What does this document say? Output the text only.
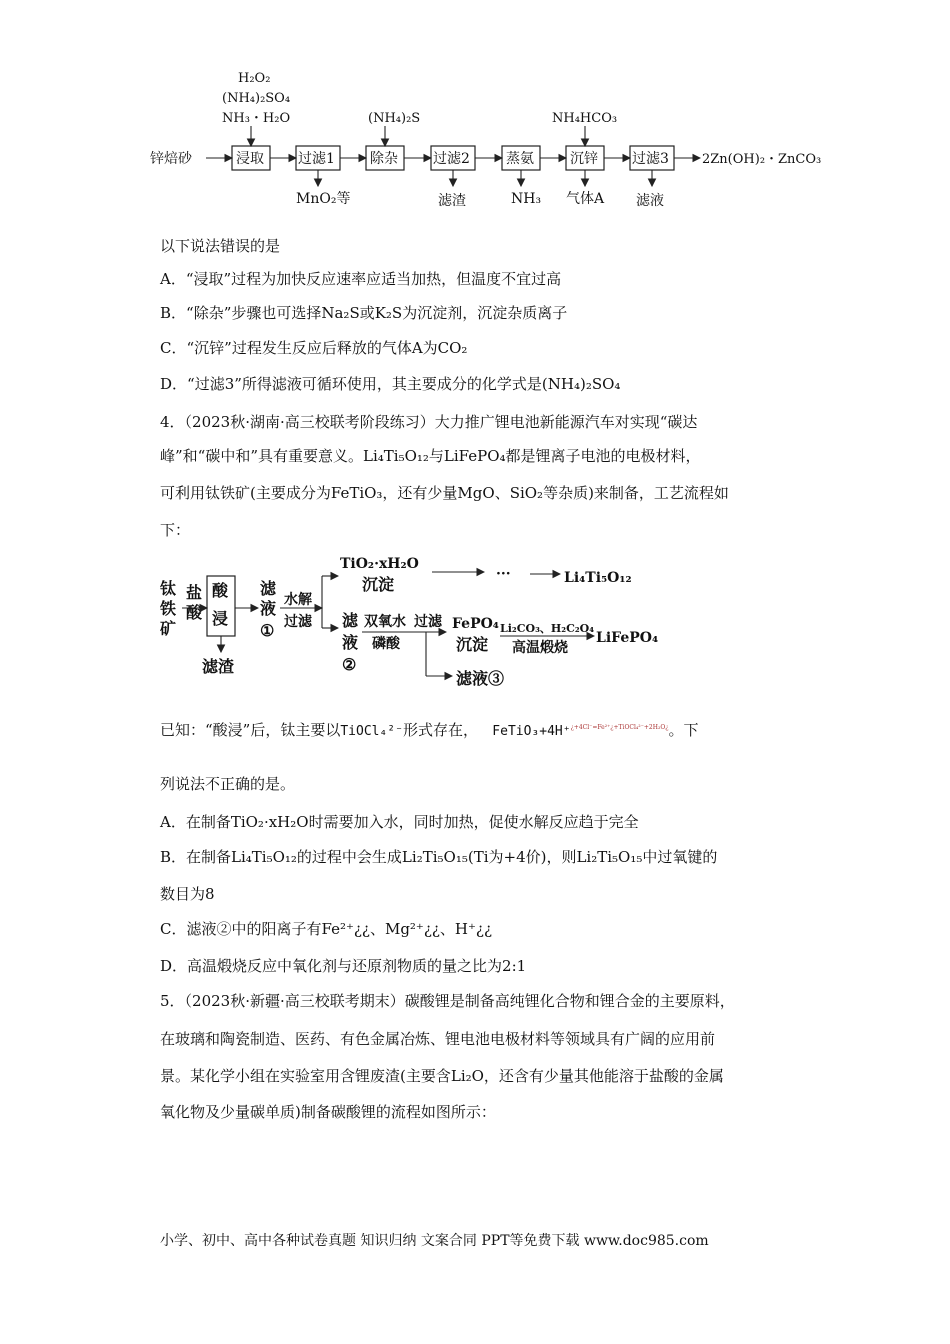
锌焙砂
H₂O₂
(NH₄)₂SO₄
NH₃・H₂O	(NH₄)₂S	NH₄HCO₃
浸取 过滤1	除杂	过滤2	蒸氨	沉锌 过滤3	2Zn(OH)₂・ZnCO₃
MnO₂等	滤渣	NH₃ 气体A 滤液
以下说法错误的是
A．“浸取”过程为加快反应速率应适当加热，但温度不宜过高
B．“除杂”步骤也可选择Na₂S或K₂S为沉淀剂，沉淀杂质离子
C．“沉锌”过程发生反应后释放的气体A为CO₂
D．“过滤3”所得滤液可循环使用，其主要成分的化学式是(NH₄)₂SO₄
4．（2023秋·湖南·高三校联考阶段练习）大力推广锂电池新能源汽车对实现“碳达
峰”和“碳中和”具有重要意义。Li₄Ti₅O₁₂与LiFePO₄都是锂离子电池的电极材料，
可利用钛铁矿(主要成分为FeTiO₃，还有少量MgO、SiO₂等杂质)来制备，工艺流程如
下：
钛
铁
矿
盐
酸
酸
浸
滤渣
滤
液
①
水解
过滤
TiO₂·xH₂O
沉淀
···	Li₄Ti₅O₁₂
滤
液
②
双氧水
磷酸
过滤 FePO₄
沉淀
Li₂CO₃、H₂C₂O₄
高温煅烧
LiFePO₄
滤液③
已知：“酸浸”后，钛主要以TiOCl₄²⁻形式存在， FeTiO₃+4H⁺$^{¿+4Cl^-=Fe^{2+}¿+TiOCl_4^{2-}+2H_2O¿}$。下
列说法不正确的是。
A．在制备TiO₂·xH₂O时需要加入水，同时加热，促使水解反应趋于完全
B．在制备Li₄Ti₅O₁₂的过程中会生成Li₂Ti₅O₁₅(Ti为+4价)，则Li₂Ti₅O₁₅中过氧键的
数目为8
C．滤液②中的阳离子有Fe²⁺¿¿、Mg²⁺¿¿、H⁺¿¿
D．高温煅烧反应中氧化剂与还原剂物质的量之比为2:1
5．（2023秋·新疆·高三校联考期末）碳酸锂是制备高纯锂化合物和锂合金的主要原料，
在玻璃和陶瓷制造、医药、有色金属冶炼、锂电池电极材料等领域具有广阔的应用前
景。某化学小组在实验室用含锂废渣(主要含Li₂O，还含有少量其他能溶于盐酸的金属
氧化物及少量碳单质)制备碳酸锂的流程如图所示：
小学、初中、高中各种试卷真题 知识归纳 文案合同 PPT等免费下载 www.doc985.com
